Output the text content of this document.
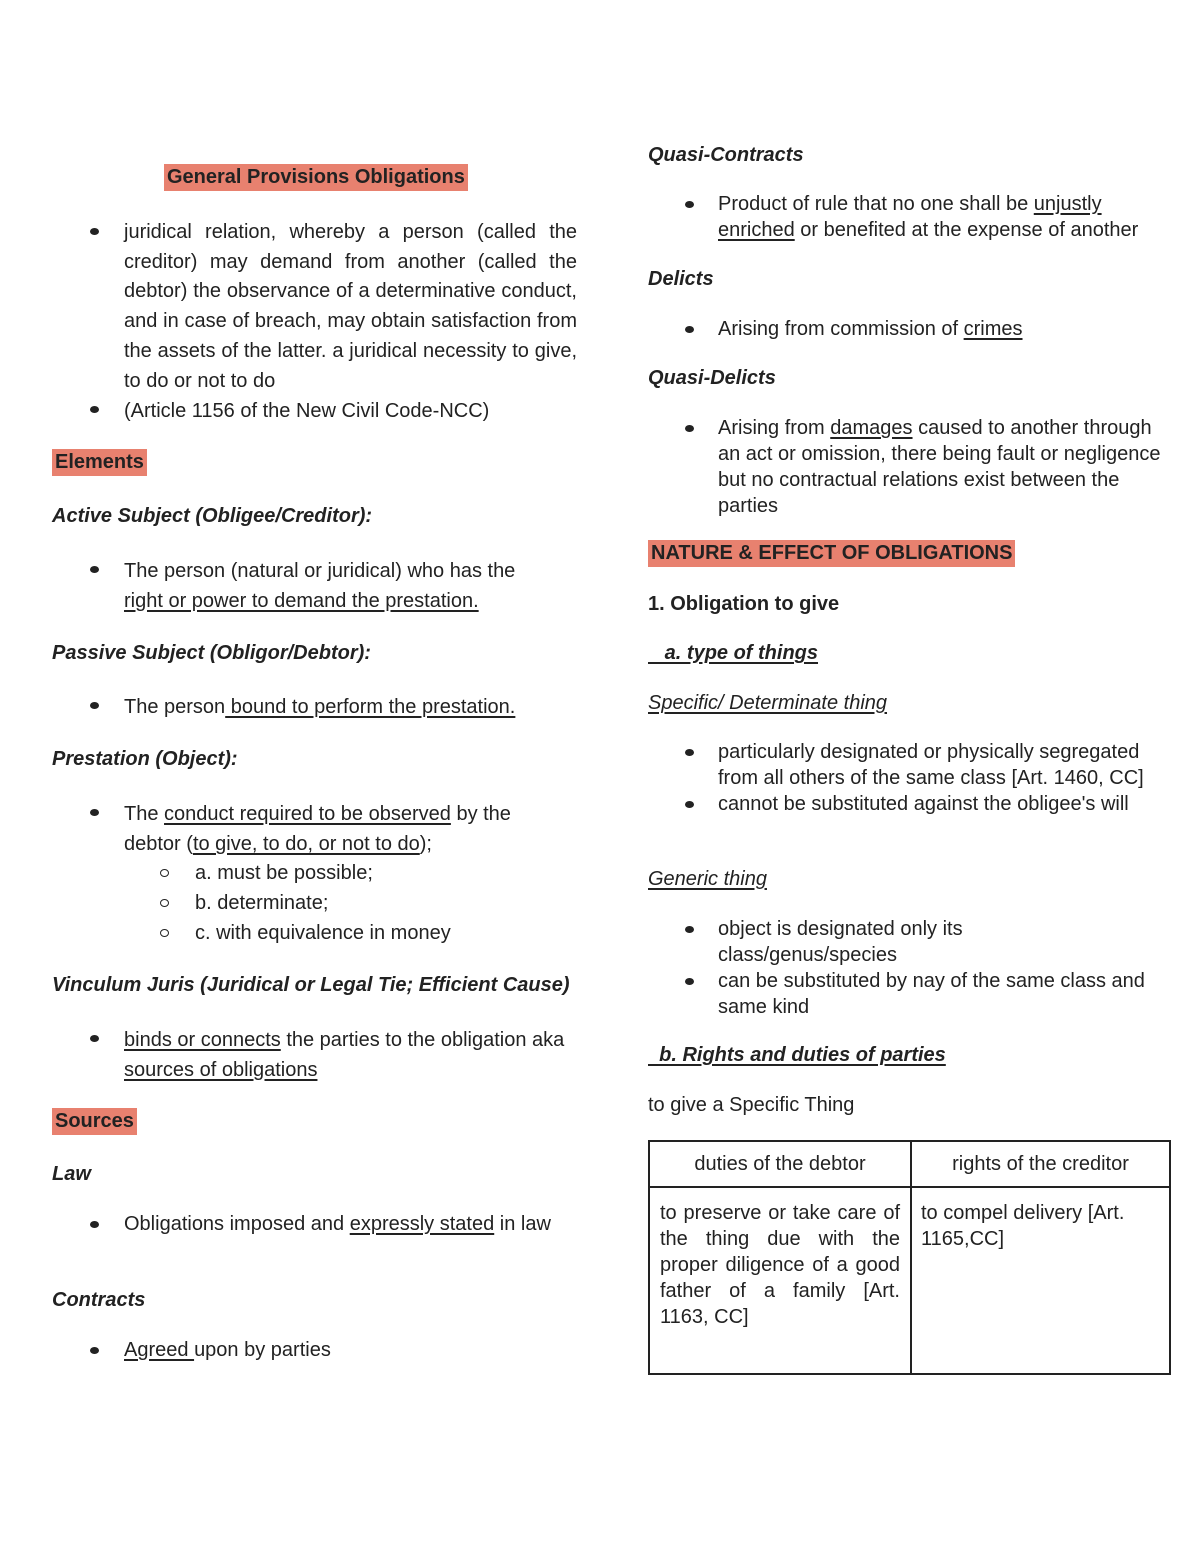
General Provisions Obligations
juridical relation, whereby a person (called the creditor) may demand from another (called the debtor) the observance of a determinative conduct, and in case of breach, may obtain satisfaction from the assets of the latter. a juridical necessity to give, to do or not to do
(Article 1156 of the New Civil Code-NCC)
Elements
Active Subject (Obligee/Creditor):
The person (natural or juridical) who has the
right or power to demand the prestation.
Passive Subject (Obligor/Debtor):
The person bound to perform the prestation.
Prestation (Object):
The conduct required to be observed by the debtor (to give, to do, or not to do);
a. must be possible;
b. determinate;
c. with equivalence in money
Vinculum Juris (Juridical or Legal Tie; Efficient Cause)
binds or connects the parties to the obligation aka sources of obligations
Sources
Law
Obligations imposed and expressly stated in law
Contracts
Agreed upon by parties
Quasi-Contracts
Product of rule that no one shall be unjustly
enriched or benefited at the expense of another
Delicts
Arising from commission of crimes
Quasi-Delicts
Arising from damages caused to another through an act or omission, there being fault or negligence but no contractual relations exist between the parties
NATURE & EFFECT OF OBLIGATIONS
1. Obligation to give
a. type of things
Specific/ Determinate thing
particularly designated or physically segregated from all others of the same class [Art. 1460, CC]
cannot be substituted against the obligee's will
Generic thing
object is designated only its class/genus/species
can be substituted by nay of the same class and same kind
b. Rights and duties of parties
to give a Specific Thing
duties of the debtor	rights of the creditor
to preserve or take care of the thing due with the proper diligence of a good father of a family [Art. 1163, CC]	to compel delivery [Art. 1165,CC]
